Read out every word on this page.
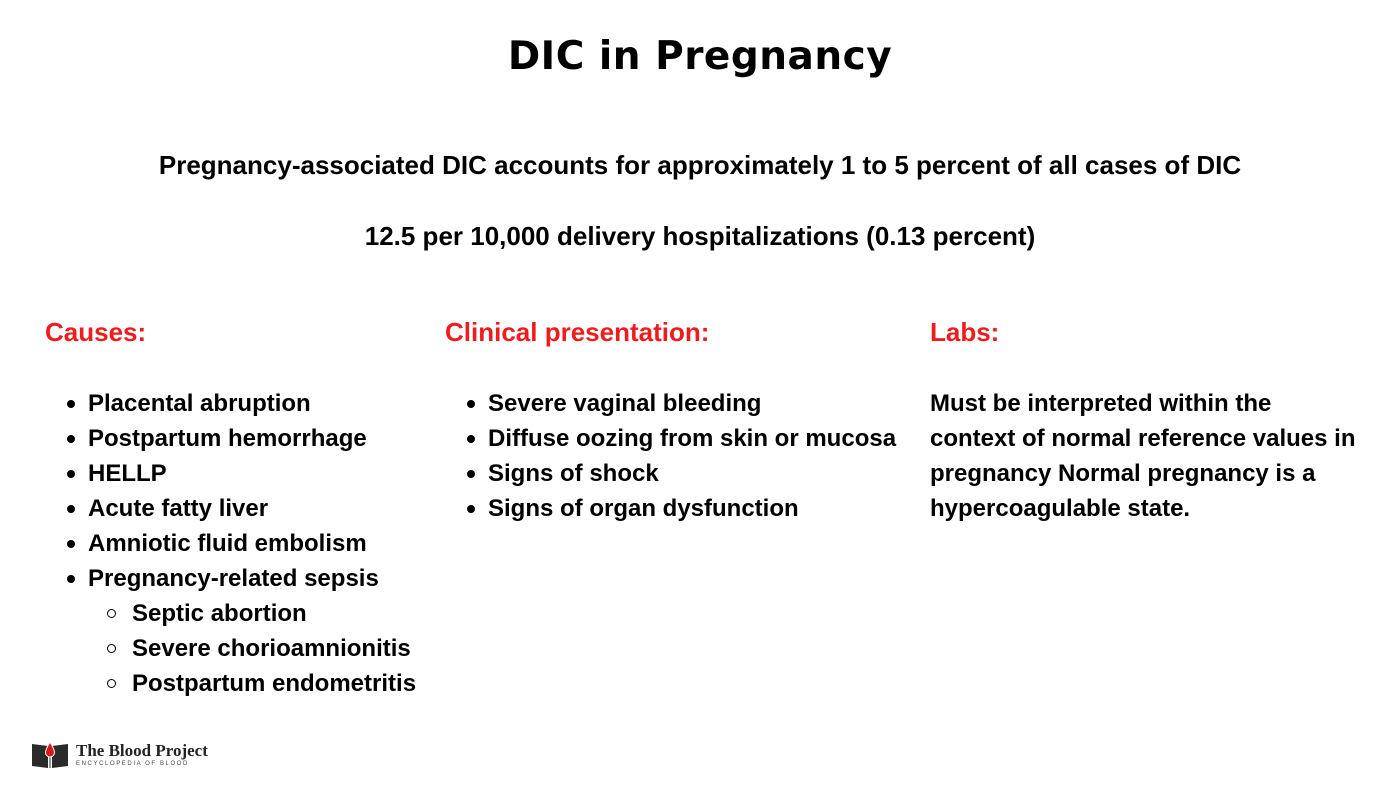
DIC in Pregnancy

Pregnancy-associated DIC accounts for approximately 1 to 5 percent of all cases of DIC

12.5 per 10,000 delivery hospitalizations (0.13 percent)

Causes:
Placental abruption
Postpartum hemorrhage
HELLP
Acute fatty liver
Amniotic fluid embolism
Pregnancy-related sepsis
Septic abortion
Severe chorioamnionitis
Postpartum endometritis
Clinical presentation:
Severe vaginal bleeding
Diffuse oozing from skin or mucosa
Signs of shock
Signs of organ dysfunction
Labs:

Must be interpreted within the context of normal reference values in pregnancy Normal pregnancy is a hypercoagulable state.

The Blood Project
ENCYCLOPEDIA OF BLOOD
